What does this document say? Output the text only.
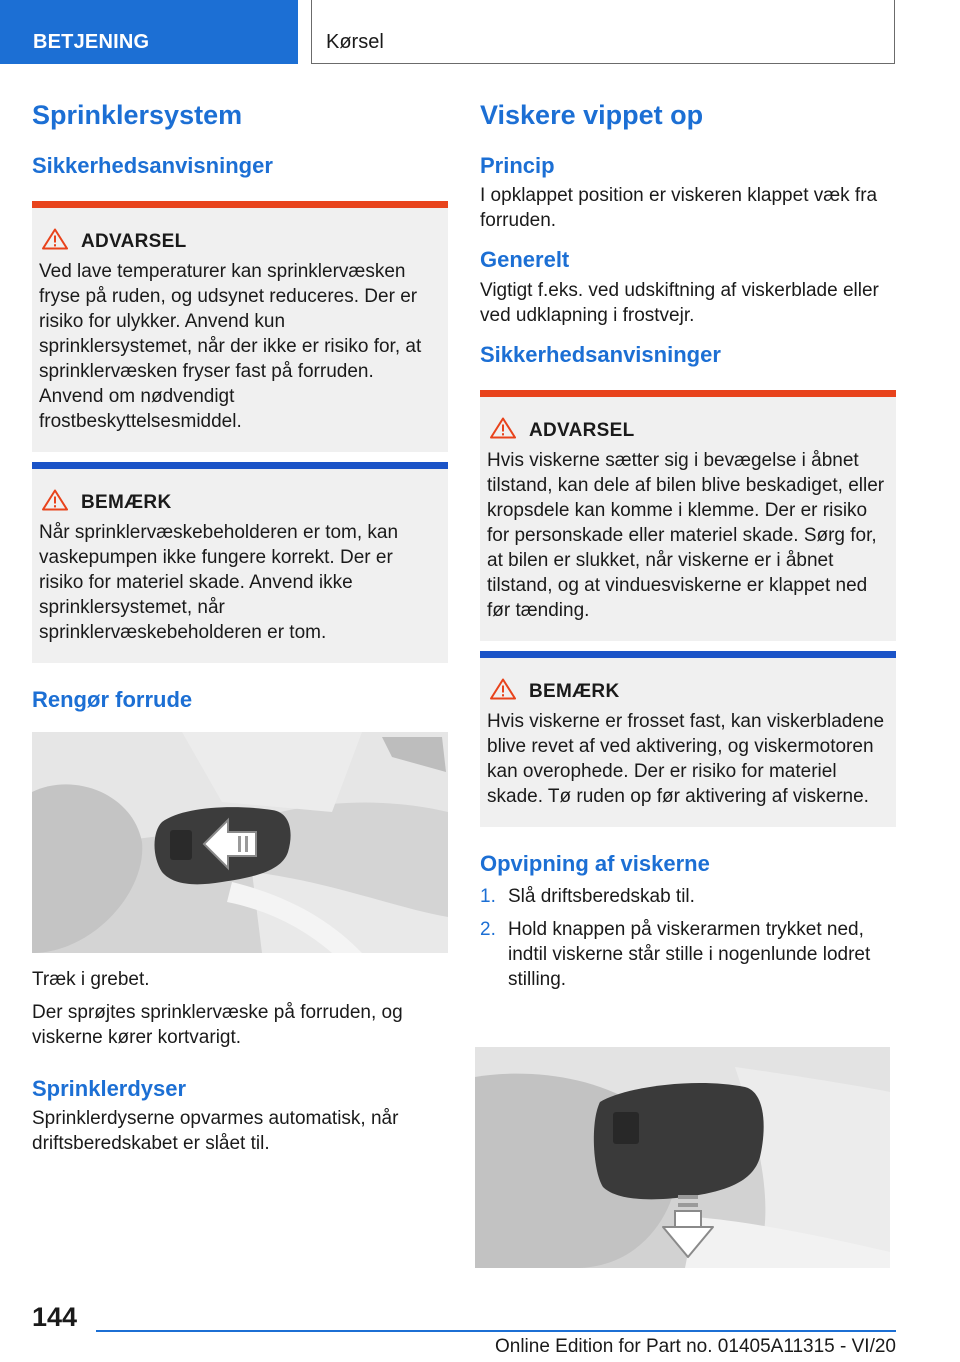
BETJENING	Kørsel
Sprinklersystem
Sikkerhedsanvisninger
ADVARSEL

Ved lave temperaturer kan sprinklervæsken fryse på ruden, og udsynet reduceres. Der er risiko for ulykker. Anvend kun sprinklersystemet, når der ikke er risiko for, at sprinklervæsken fryser fast på forruden. Anvend om nødvendigt frostbeskyttelsesmiddel.

BEMÆRK

Når sprinklervæskebeholderen er tom, kan vaskepumpen ikke fungere korrekt. Der er risiko for materiel skade. Anvend ikke sprinklersystemet, når sprinklervæskebeholderen er tom.

Rengør forrude

Træk i grebet.

Der sprøjtes sprinklervæske på forruden, og viskerne kører kortvarigt.

Sprinklerdyser

Sprinklerdyserne opvarmes automatisk, når driftsberedskabet er slået til.

Viskere vippet op
Princip

I opklappet position er viskeren klappet væk fra forruden.

Generelt

Vigtigt f.eks. ved udskiftning af viskerblade eller ved udklapning i frostvejr.

Sikkerhedsanvisninger
ADVARSEL

Hvis viskerne sætter sig i bevægelse i åbnet tilstand, kan dele af bilen blive beskadiget, eller kropsdele kan komme i klemme. Der er risiko for personskade eller materiel skade. Sørg for, at bilen er slukket, når viskerne er i åbnet tilstand, og at vinduesviskerne er klappet ned før tænding.

BEMÆRK

Hvis viskerne er frosset fast, kan viskerbladene blive revet af ved aktivering, og viskermotoren kan overophede. Der er risiko for materiel skade. Tø ruden op før aktivering af viskerne.

Opvipning af viskerne
1. Slå driftsberedskab til.
2. Hold knappen på viskerarmen trykket ned, indtil viskerne står stille i nogenlunde lodret stilling.
144
Online Edition for Part no. 01405A11315 - VI/20
